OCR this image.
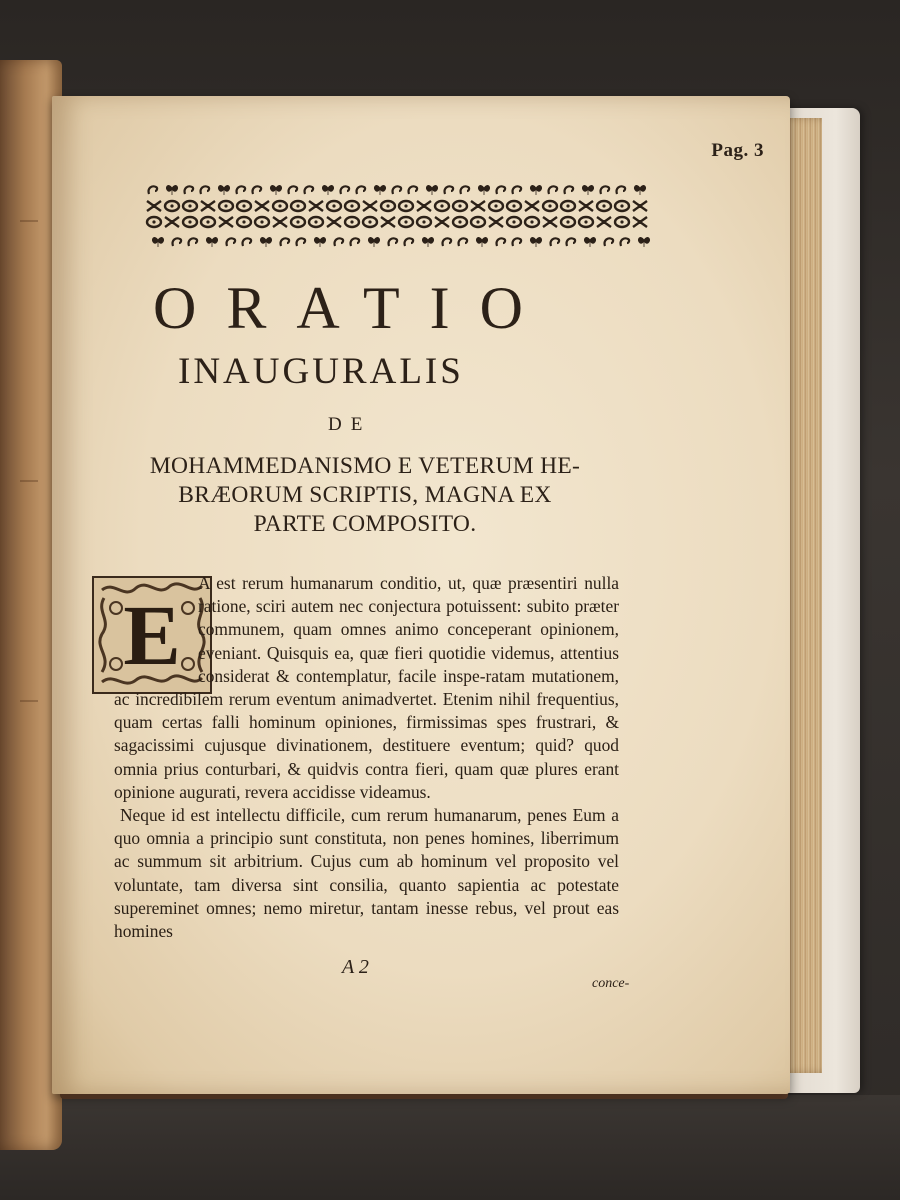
Pag. 3
ORATIO
INAUGURALIS
DE
MOHAMMEDANISMO E VETERUM HE-
BRÆORUM SCRIPTIS, MAGNA EX
PARTE COMPOSITO.
E

A est rerum humanarum conditio, ut, quæ præsentiri nulla ratione, sciri autem nec conjectura potuissent: subito præter communem, quam omnes animo conceperant opinionem, eveniant. Quisquis ea, quæ fieri quotidie videmus, attentius considerat & contemplatur, facile inspe-ratam mutationem, ac incredibilem rerum eventum animadvertet. Etenim nihil frequentius, quam certas falli hominum opiniones, firmissimas spes frustrari, & sagacissimi cujusque divinationem, destituere eventum; quid? quod omnia prius conturbari, & quidvis contra fieri, quam quæ plures erant opinione augurati, revera accidisse videamus.

Neque id est intellectu difficile, cum rerum humanarum, penes Eum a quo omnia a principio sunt constituta, non penes homines, liberrimum ac summum sit arbitrium. Cujus cum ab hominum vel proposito vel voluntate, tam diversa sint consilia, quanto sapientia ac potestate supereminet omnes; nemo miretur, tantam inesse rebus, vel prout eas homines

A 2
conce-
